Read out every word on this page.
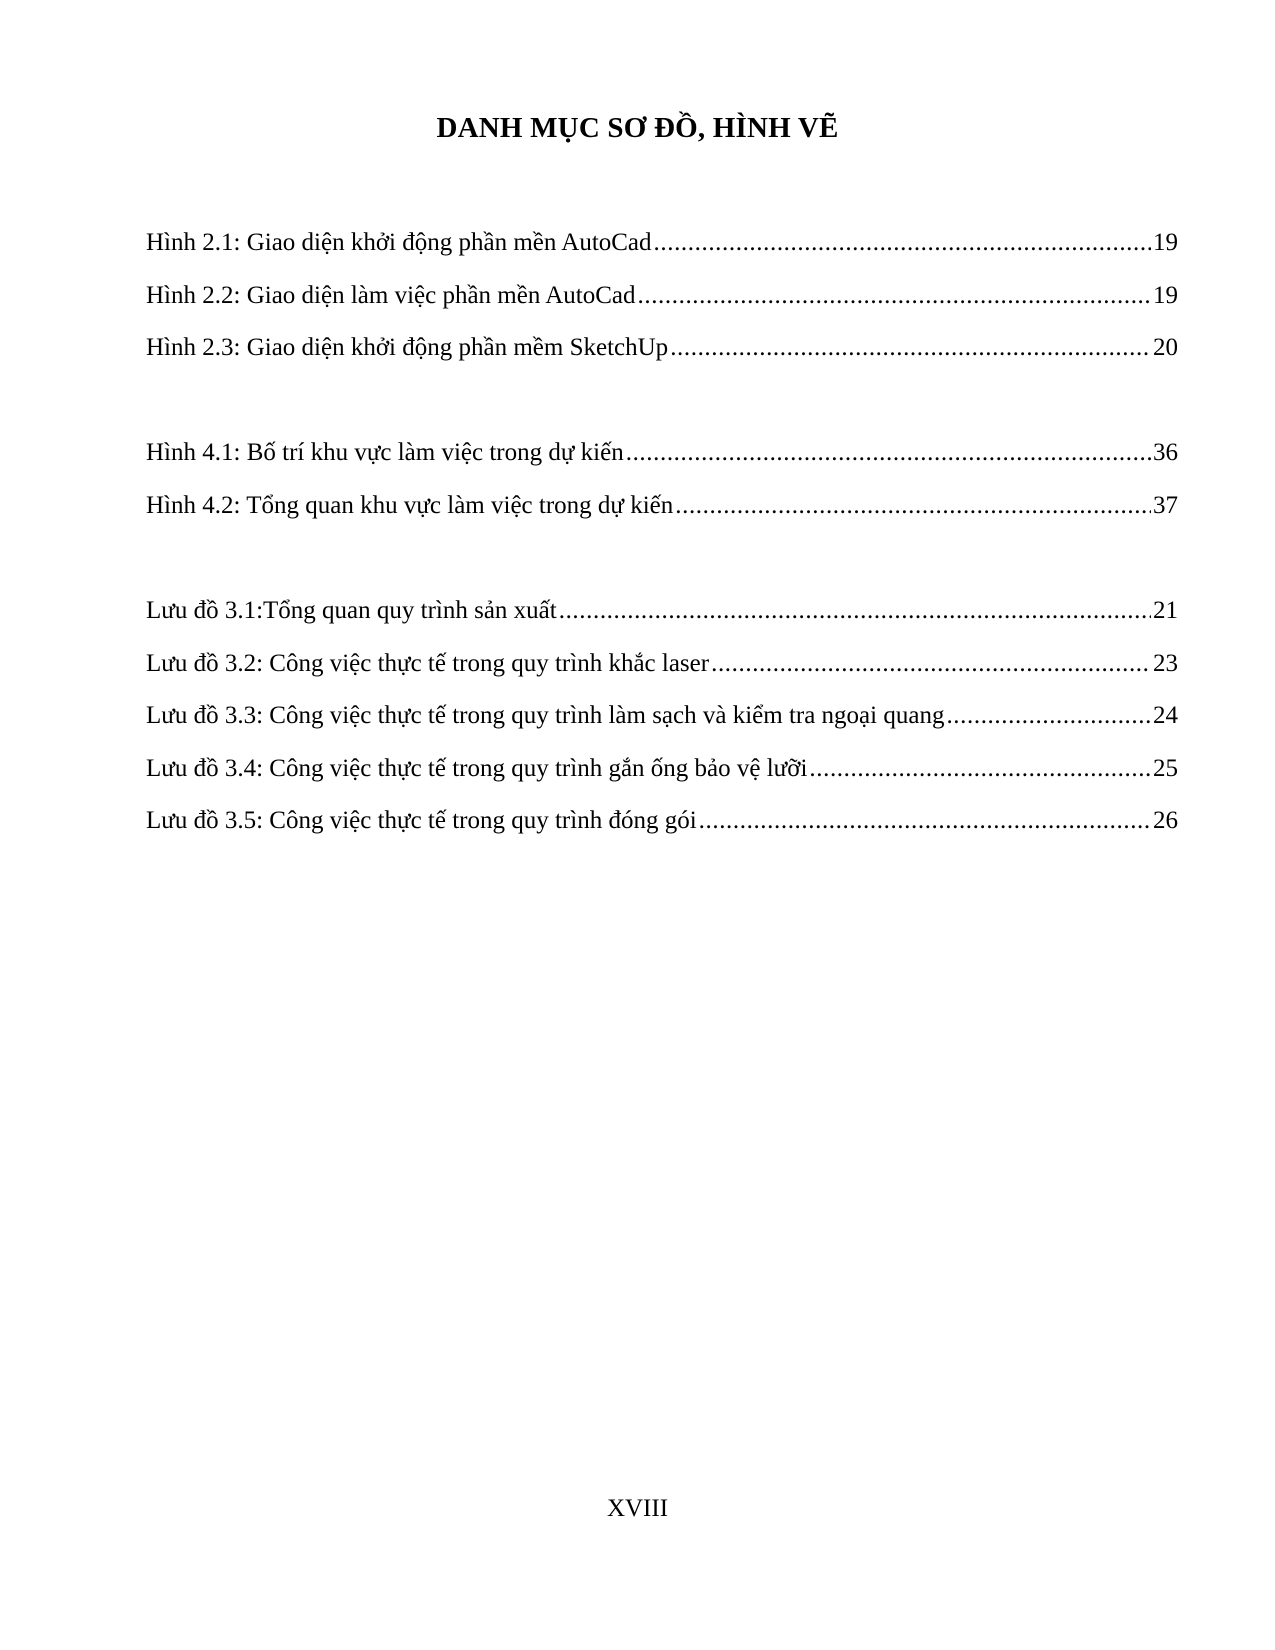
DANH MỤC SƠ ĐỒ, HÌNH VẼ
Hình 2.1: Giao diện khởi động phần mền AutoCad .....	19
Hình 2.2: Giao diện làm việc phần mền AutoCad .....	19
Hình 2.3: Giao diện khởi động phần mềm SketchUp .....	20
Hình 4.1: Bố trí khu vực làm việc trong dự kiến .....	36
Hình 4.2: Tổng quan khu vực làm việc trong dự kiến .....	37
Lưu đồ 3.1:Tổng quan quy trình sản xuất .....	21
Lưu đồ 3.2: Công việc thực tế trong quy trình khắc laser .....	23
Lưu đồ 3.3: Công việc thực tế trong quy trình làm sạch và kiểm tra ngoại quang .....	24
Lưu đồ 3.4: Công việc thực tế trong quy trình gắn ống bảo vệ lưỡi .....	25
Lưu đồ 3.5: Công việc thực tế trong quy trình đóng gói .....	26
XVIII
